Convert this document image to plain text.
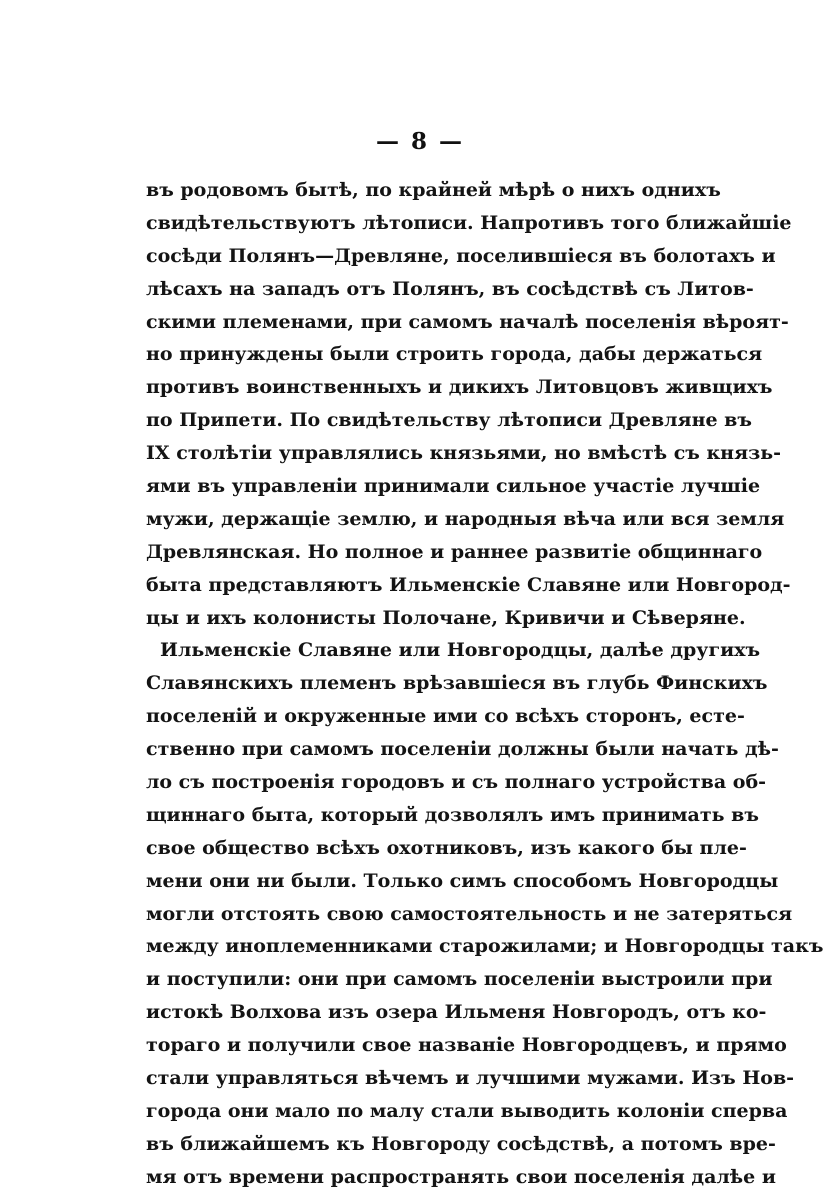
— 8 —
въ родовомъ бытѣ, по крайней мѣрѣ о нихъ однихъ
свидѣтельствуютъ лѣтописи. Напротивъ того ближайшіе
сосѣди Полянъ—Древляне, поселившіеся въ болотахъ и
лѣсахъ на западъ отъ Полянъ, въ сосѣдствѣ съ Литов-
скими племенами, при самомъ началѣ поселенія вѣроят-
но принуждены были строить города, дабы держаться
противъ воинственныхъ и дикихъ Литовцовъ живщихъ
по Припети. По свидѣтельству лѣтописи Древляне въ
IX столѣтіи управлялись князьями, но вмѣстѣ съ князь-
ями въ управленіи принимали сильное участіе лучшіе
мужи, держащіе землю, и народныя вѣча или вся земля
Древлянская. Но полное и раннее развитіе общиннаго
быта представляютъ Ильменскіе Славяне или Новгород-
цы и ихъ колонисты Полочане, Кривичи и Сѣверяне.
Ильменскіе Славяне или Новгородцы, далѣе другихъ
Славянскихъ племенъ врѣзавшіеся въ глубь Финскихъ
поселеній и окруженные ими со всѣхъ сторонъ, есте-
ственно при самомъ поселеніи должны были начать дѣ-
ло съ построенія городовъ и съ полнаго устройства об-
щиннаго быта, который дозволялъ имъ принимать въ
свое общество всѣхъ охотниковъ, изъ какого бы пле-
мени они ни были. Только симъ способомъ Новгородцы
могли отстоять свою самостоятельность и не затеряться
между иноплеменниками старожилами; и Новгородцы такъ
и поступили: они при самомъ поселеніи выстроили при
истокѣ Волхова изъ озера Ильменя Новгородъ, отъ ко-
тораго и получили свое названіе Новгородцевъ, и прямо
стали управляться вѣчемъ и лучшими мужами. Изъ Нов-
города они мало по малу стали выводить колоніи сперва
въ ближайшемъ къ Новгороду сосѣдствѣ, а потомъ вре-
мя отъ времени распространять свои поселенія далѣе и
